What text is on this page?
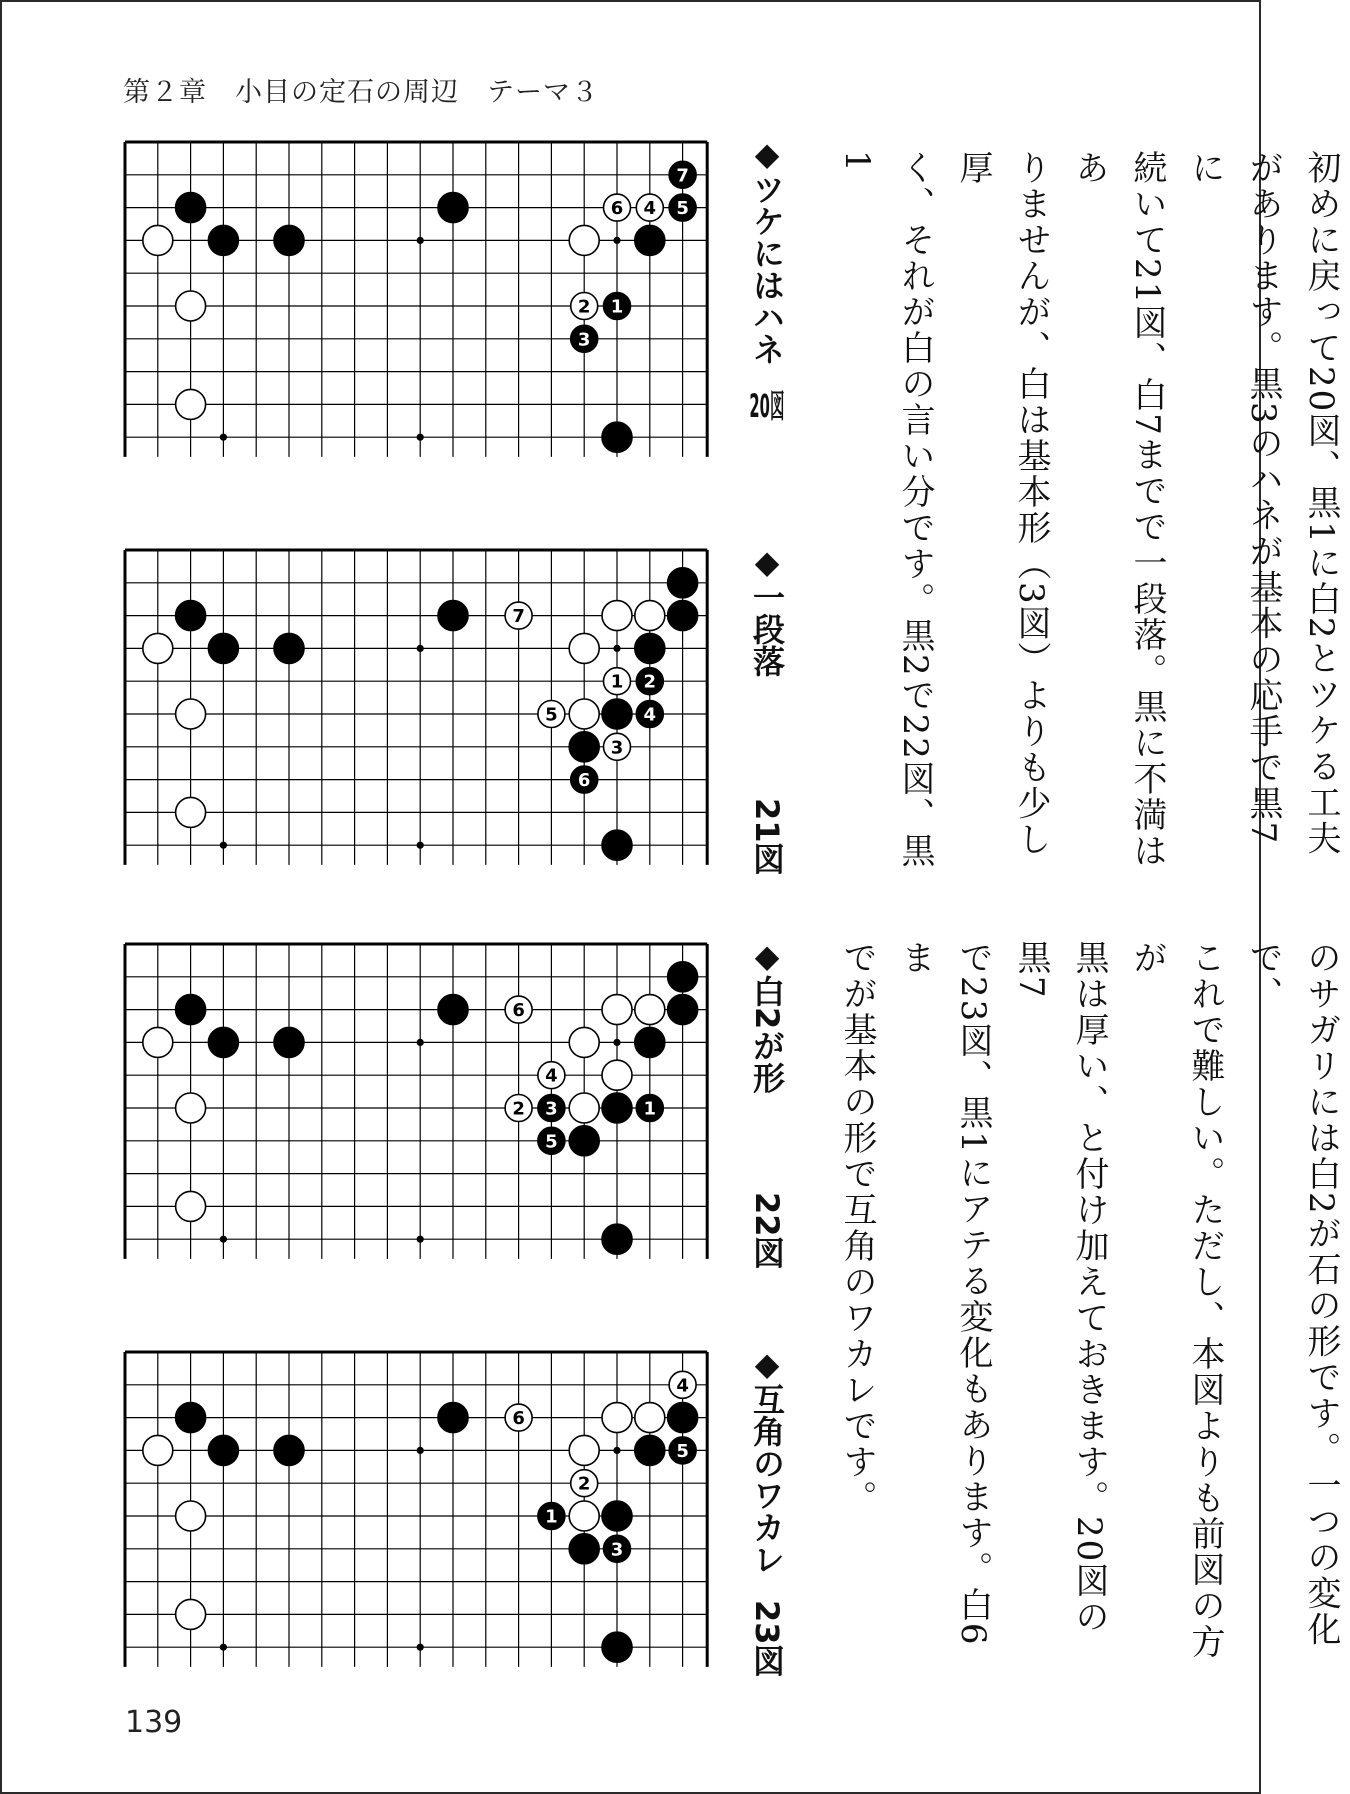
第２章　小目の定石の周辺　テーマ３
6 4 5
7
2 1
3	◆ツケにはハネ
20図
7
1 2
5	4
3
6
◆一段落
21図
6
4
2 3	1
5
◆白2が形
22図
6
4
5
2
1
3	◆互角のワカレ
23図
初めに戻って20図、黒1に白2とツケる工夫
があります。黒3のハネが基本の応手で黒7に
続いて21図、白7までで一段落。黒に不満はあ
りませんが、白は基本形（3図）よりも少し厚
く、それが白の言い分です。黒2で22図、黒1
のサガリには白2が石の形です。一つの変化で、
これで難しい。ただし、本図よりも前図の方が
黒は厚い、と付け加えておきます。20図の黒7
で23図、黒1にアテる変化もあります。白6ま
でが基本の形で互角のワカレです。
139
